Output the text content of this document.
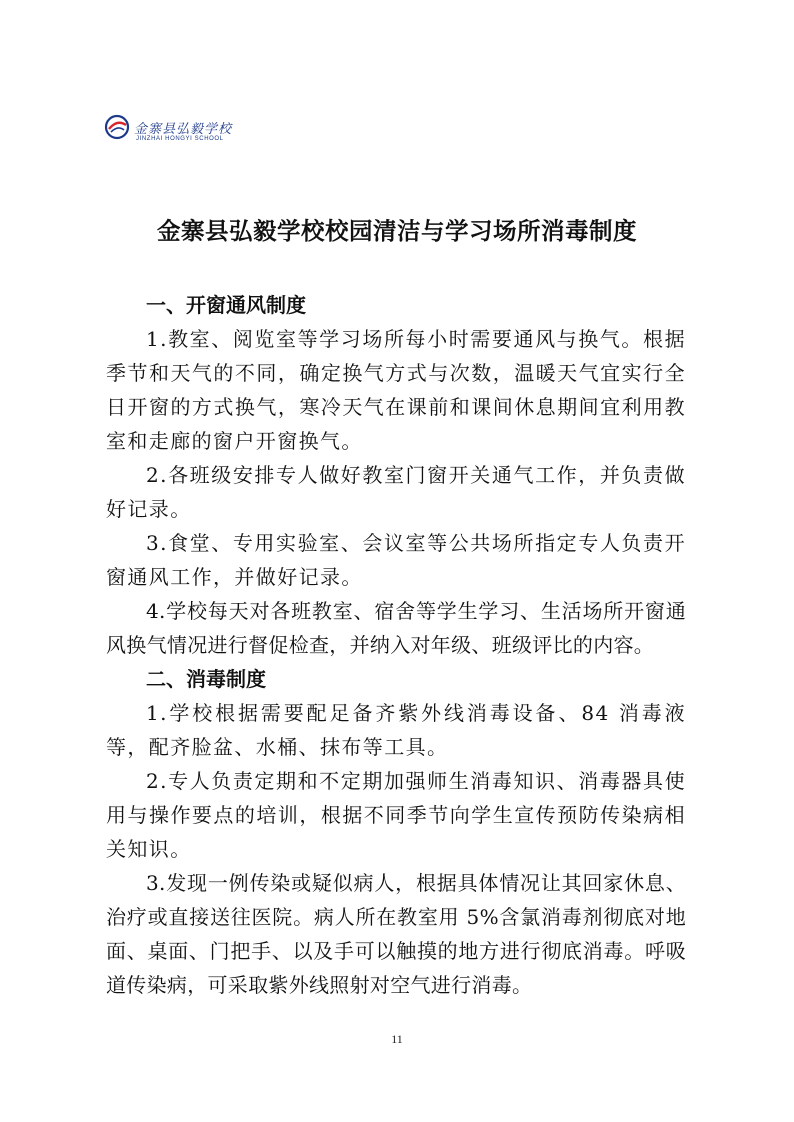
金寨县弘毅学校
JINZHAI HONGYI SCHOOL
金寨县弘毅学校校园清洁与学习场所消毒制度

一、开窗通风制度

1.教室、阅览室等学习场所每小时需要通风与换气。根据季节和天气的不同，确定换气方式与次数，温暖天气宜实行全日开窗的方式换气，寒冷天气在课前和课间休息期间宜利用教室和走廊的窗户开窗换气。

2.各班级安排专人做好教室门窗开关通气工作，并负责做好记录。

3.食堂、专用实验室、会议室等公共场所指定专人负责开窗通风工作，并做好记录。

4.学校每天对各班教室、宿舍等学生学习、生活场所开窗通风换气情况进行督促检查，并纳入对年级、班级评比的内容。

二、消毒制度

1.学校根据需要配足备齐紫外线消毒设备、84 消毒液等，配齐脸盆、水桶、抹布等工具。

2.专人负责定期和不定期加强师生消毒知识、消毒器具使用与操作要点的培训，根据不同季节向学生宣传预防传染病相关知识。

3.发现一例传染或疑似病人，根据具体情况让其回家休息、治疗或直接送往医院。病人所在教室用 5%含氯消毒剂彻底对地面、桌面、门把手、以及手可以触摸的地方进行彻底消毒。呼吸道传染病，可采取紫外线照射对空气进行消毒。

11
